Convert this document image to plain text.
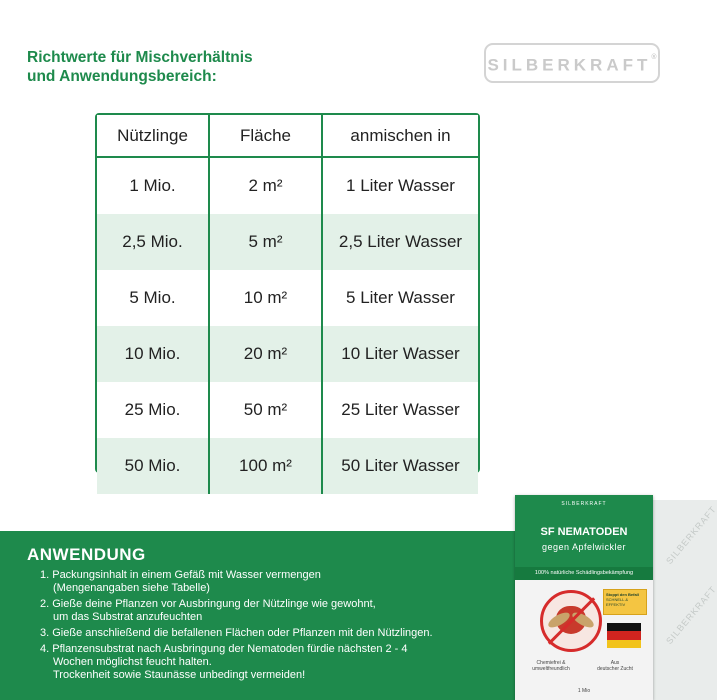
Richtwerte für Mischverhältnis
und Anwendungsbereich:
SILBERKRAFT®
Nützlinge	Fläche	anmischen in
1 Mio.	2 m²	1 Liter Wasser
2,5 Mio.	5 m²	2,5 Liter Wasser
5 Mio.	10 m²	5 Liter Wasser
10 Mio.	20 m²	10 Liter Wasser
25 Mio.	50 m²	25 Liter Wasser
50 Mio.	100 m²	50 Liter Wasser
ANWENDUNG
1. Packungsinhalt in einem Gefäß mit Wasser vermengen
(Mengenangaben siehe Tabelle)
2. Gieße deine Pflanzen vor Ausbringung der Nützlinge wie gewohnt,
um das Substrat anzufeuchten
3. Gieße anschließend die befallenen Flächen oder Pflanzen mit den Nützlingen.
4. Pflanzensubstrat nach Ausbringung der Nematoden fürdie nächsten 2 - 4
Wochen möglichst feucht halten.
Trockenheit sowie Staunässe unbedingt vermeiden!
SILBERKRAFT
SILBERKRAFT
SILBERKRAFT
SF NEMATODEN
gegen Apfelwickler
100% natürliche Schädlingsbekämpfung
Stoppt den Befall
SCHNELL & EFFEKTIV
Chemiefrei &
umweltfreundlich
Aus
deutscher Zucht
1 Mio
